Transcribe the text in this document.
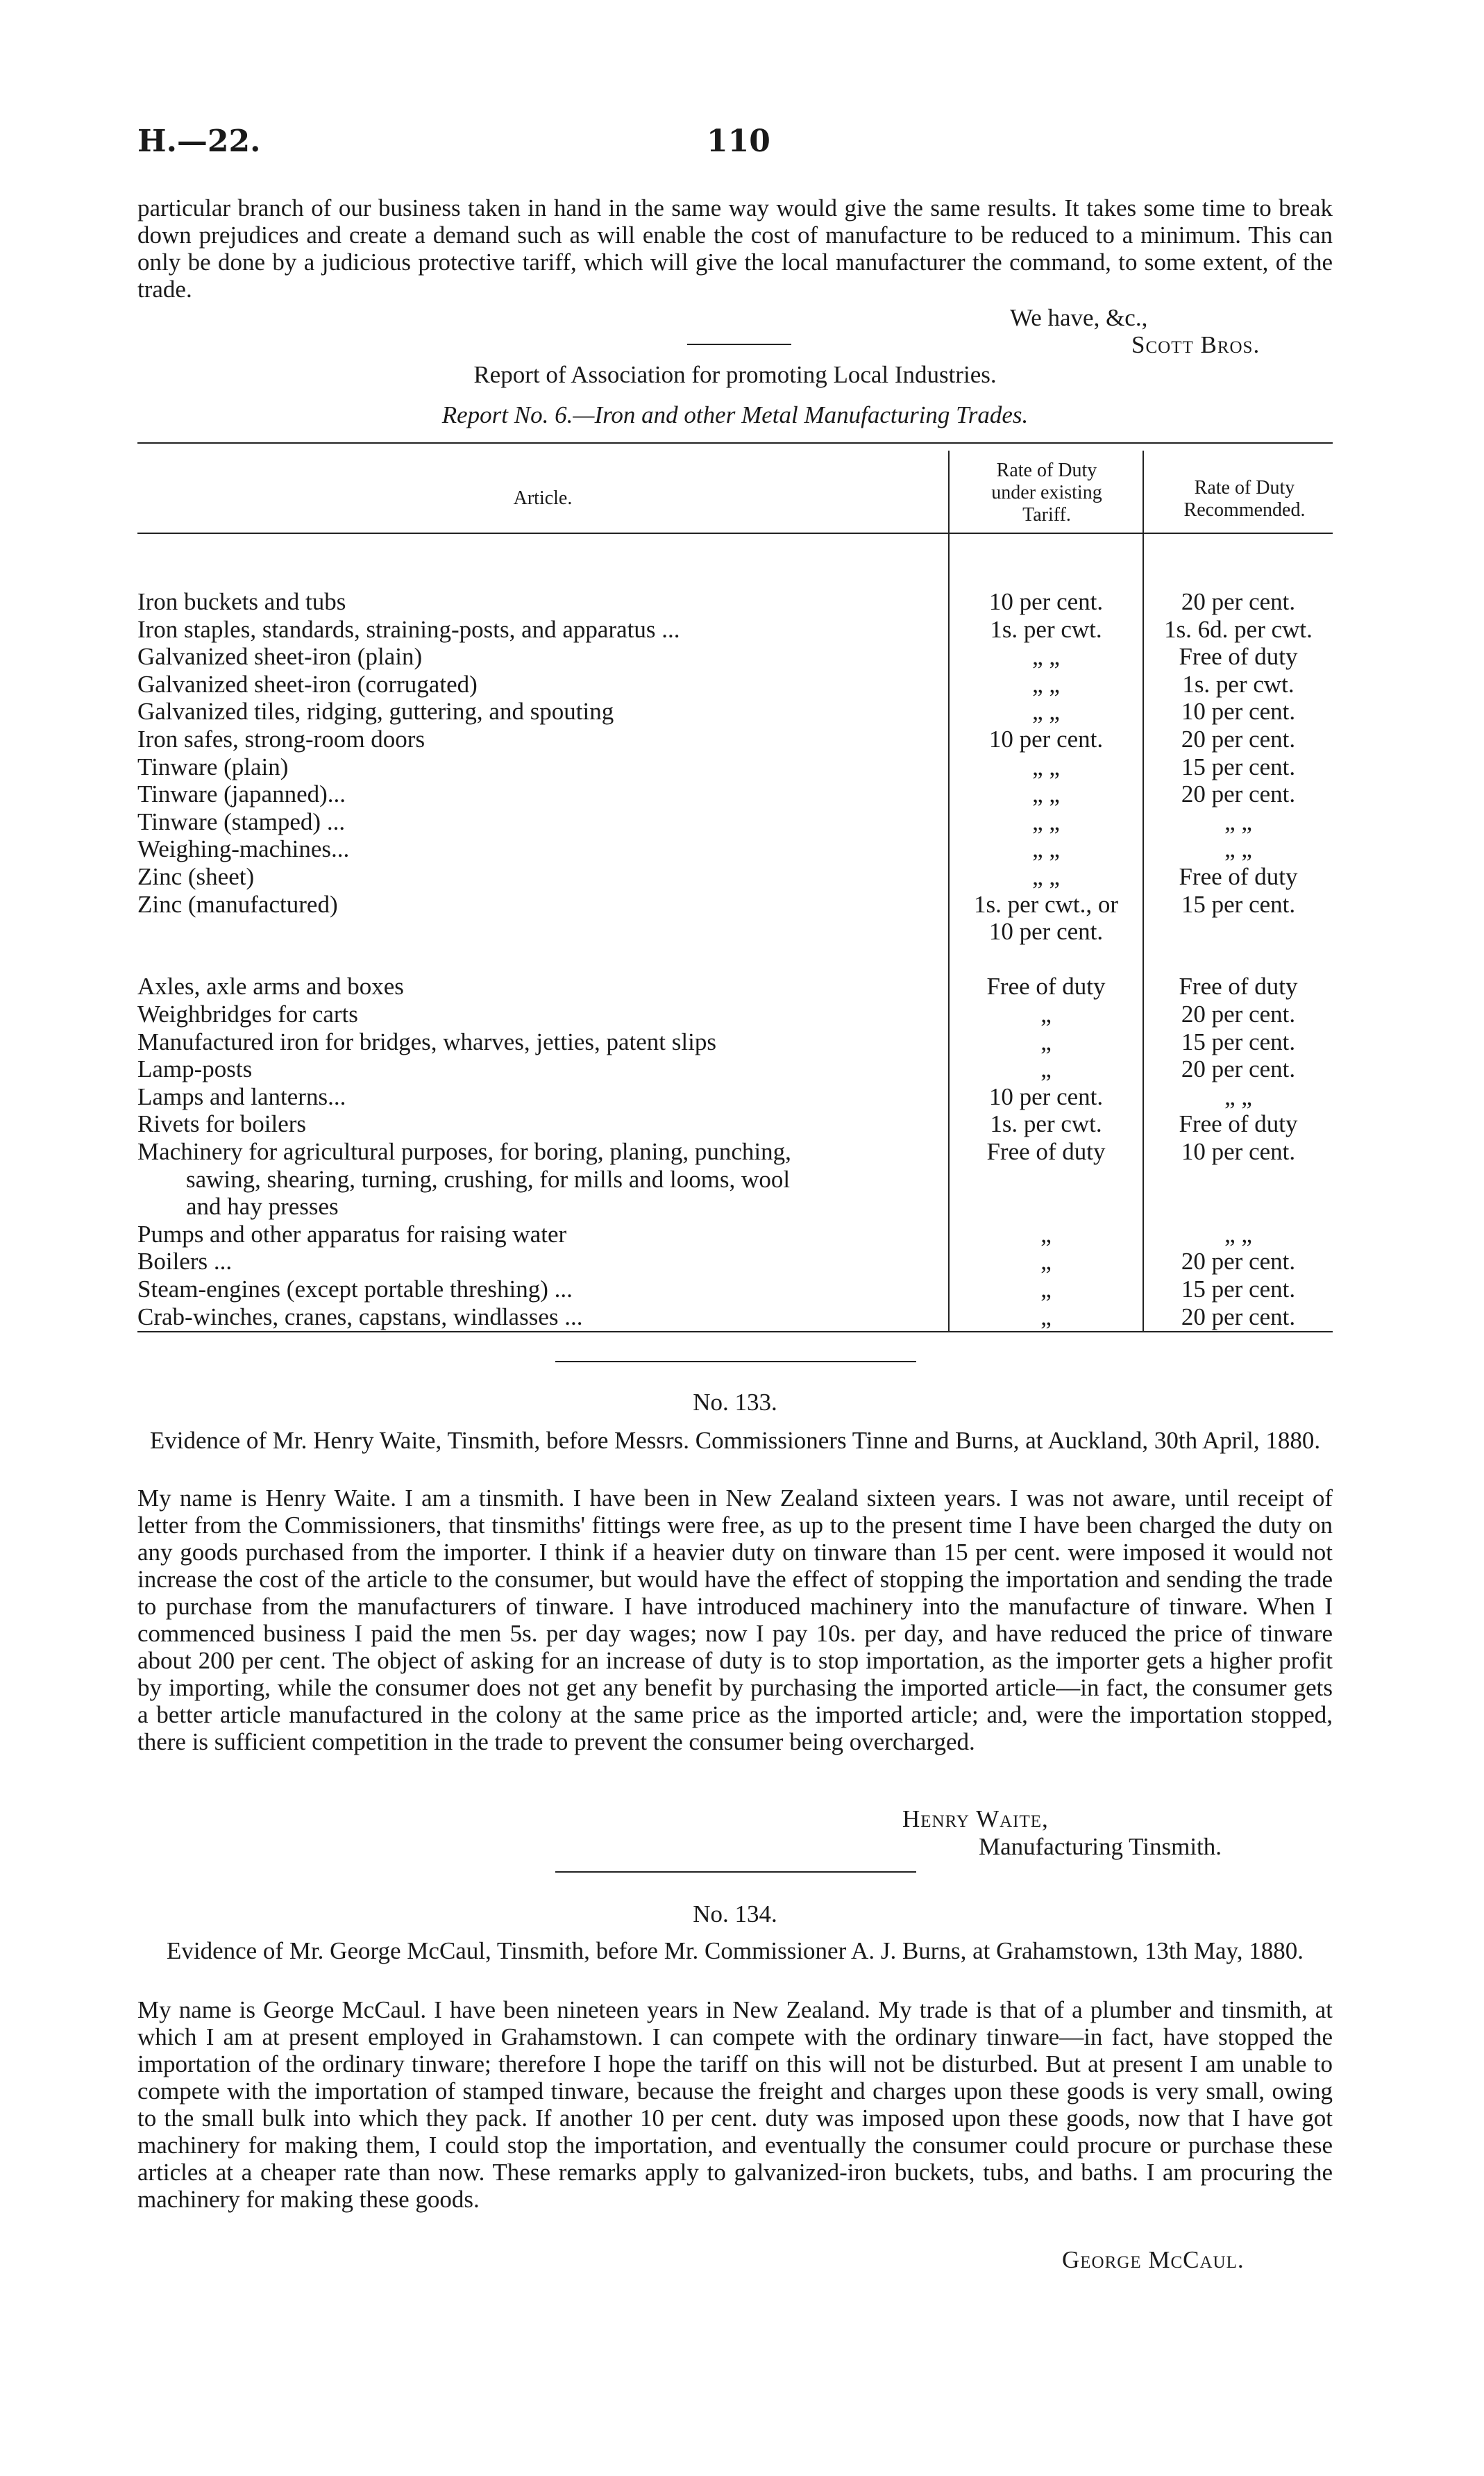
H.—22.	110

particular branch of our business taken in hand in the same way would give the same results. It takes some time to break down prejudices and create a demand such as will enable the cost of manufacture to be reduced to a minimum. This can only be done by a judicious protective tariff, which will give the local manufacturer the command, to some extent, of the trade.

We have, &c.,
Scott Bros.
Report of Association for promoting Local Industries.
Report No. 6.—Iron and other Metal Manufacturing Trades.
Article.
Rate of Duty under existing Tariff.
Rate of Duty Recommended.
Iron buckets and tubs	10 per cent.	20 per cent.
Iron staples, standards, straining-posts, and apparatus ...	1s. per cwt.	1s. 6d. per cwt.
Galvanized sheet-iron (plain)	„ „	Free of duty
Galvanized sheet-iron (corrugated)	„ „	1s. per cwt.
Galvanized tiles, ridging, guttering, and spouting	„ „	10 per cent.
Iron safes, strong-room doors	10 per cent.	20 per cent.
Tinware (plain)	„ „	15 per cent.
Tinware (japanned)...	„ „	20 per cent.
Tinware (stamped) ...	„ „	„ „
Weighing-machines...	„ „	„ „
Zinc (sheet)	„ „	Free of duty
Zinc (manufactured)	1s. per cwt., or	15 per cent.
10 per cent.
Axles, axle arms and boxes	Free of duty	Free of duty
Weighbridges for carts	„	20 per cent.
Manufactured iron for bridges, wharves, jetties, patent slips	„	15 per cent.
Lamp-posts	„	20 per cent.
Lamps and lanterns...	10 per cent.	„ „
Rivets for boilers	1s. per cwt.	Free of duty
Machinery for agricultural purposes, for boring, planing, punching,	Free of duty	10 per cent.
sawing, shearing, turning, crushing, for mills and looms, wool
and hay presses
Pumps and other apparatus for raising water	„	„ „
Boilers ...	„	20 per cent.
Steam-engines (except portable threshing) ...	„	15 per cent.
Crab-winches, cranes, capstans, windlasses ...	„	20 per cent.
No. 133.

Evidence of Mr. Henry Waite, Tinsmith, before Messrs. Commissioners Tinne and Burns, at Auckland, 30th April, 1880.

My name is Henry Waite. I am a tinsmith. I have been in New Zealand sixteen years. I was not aware, until receipt of letter from the Commissioners, that tinsmiths' fittings were free, as up to the present time I have been charged the duty on any goods purchased from the importer. I think if a heavier duty on tinware than 15 per cent. were imposed it would not increase the cost of the article to the consumer, but would have the effect of stopping the importation and sending the trade to purchase from the manufacturers of tinware. I have introduced machinery into the manufacture of tinware. When I commenced business I paid the men 5s. per day wages; now I pay 10s. per day, and have reduced the price of tinware about 200 per cent. The object of asking for an increase of duty is to stop importation, as the importer gets a higher profit by importing, while the consumer does not get any benefit by purchasing the imported article—in fact, the consumer gets a better article manufactured in the colony at the same price as the imported article; and, were the importation stopped, there is sufficient competition in the trade to prevent the consumer being overcharged.

Henry Waite,
Manufacturing Tinsmith.
No. 134.

Evidence of Mr. George McCaul, Tinsmith, before Mr. Commissioner A. J. Burns, at Grahamstown, 13th May, 1880.

My name is George McCaul. I have been nineteen years in New Zealand. My trade is that of a plumber and tinsmith, at which I am at present employed in Grahamstown. I can compete with the ordinary tinware—in fact, have stopped the importation of the ordinary tinware; therefore I hope the tariff on this will not be disturbed. But at present I am unable to compete with the importation of stamped tinware, because the freight and charges upon these goods is very small, owing to the small bulk into which they pack. If another 10 per cent. duty was imposed upon these goods, now that I have got machinery for making them, I could stop the importation, and eventually the consumer could procure or purchase these articles at a cheaper rate than now. These remarks apply to galvanized-iron buckets, tubs, and baths. I am procuring the machinery for making these goods.

George McCaul.
